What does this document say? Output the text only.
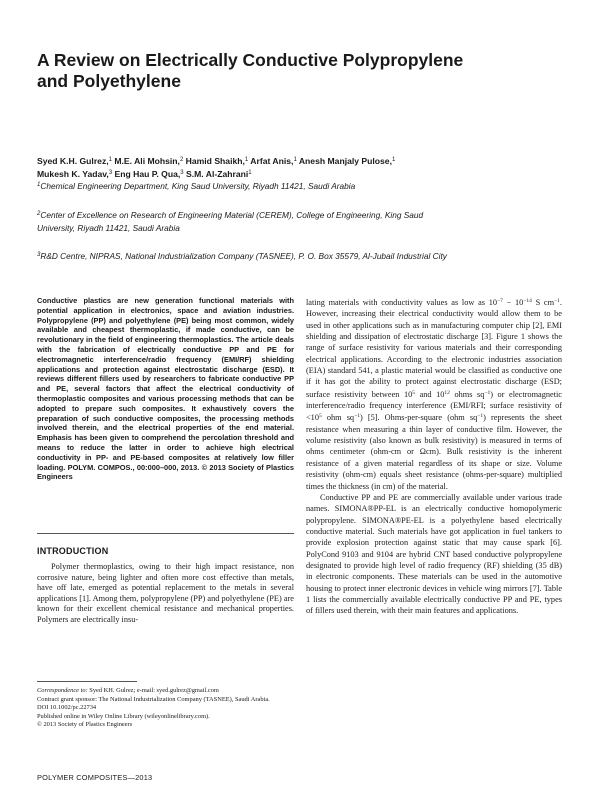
A Review on Electrically Conductive Polypropylene
and Polyethylene
Syed K.H. Gulrez,$^1$ M.E. Ali Mohsin,$^2$ Hamid Shaikh,$^1$ Arfat Anis,$^1$ Anesh Manjaly Pulose,$^1$
Mukesh K. Yadav,$^3$ Eng Hau P. Qua,$^3$ S.M. Al-Zahrani$^1$
$^1$Chemical Engineering Department, King Saud University, Riyadh 11421, Saudi Arabia
$^2$Center of Excellence on Research of Engineering Material (CEREM), College of Engineering, King Saud
University, Riyadh 11421, Saudi Arabia
$^3$R&D Centre, NIPRAS, National Industrialization Company (TASNEE), P. O. Box 35579, Al-Jubail Industrial City
Conductive plastics are new generation functional materials with potential application in electronics, space and aviation industries. Polypropylene (PP) and polyethylene (PE) being most common, widely available and cheapest thermoplastic, if made conductive, can be revolutionary in the field of engineering thermoplastics. The article deals with the fabrication of electrically conductive PP and PE for electromagnetic interference/radio frequency (EMI/RF) shielding applications and protection against electrostatic discharge (ESD). It reviews different fillers used by researchers to fabricate conductive PP and PE, several factors that affect the electrical conductivity of thermoplastic composites and various processing methods that can be adopted to prepare such composites. It exhaustively covers the preparation of such conductive composites, the processing methods involved therein, and the electrical properties of the end material. Emphasis has been given to comprehend the percolation threshold and means to reduce the latter in order to achieve high electrical conductivity in PP- and PE-based composites at relatively low filler loading. POLYM. COMPOS., 00:000–000, 2013. © 2013 Society of Plastics Engineers
INTRODUCTION

Polymer thermoplastics, owing to their high impact resistance, non corrosive nature, being lighter and often more cost effective than metals, have off late, emerged as potential replacement to the metals in several applications [1]. Among them, polypropylene (PP) and polyethylene (PE) are known for their excellent chemical resistance and mechanical properties. Polymers are electrically insu-

Correspondence to: Syed KH. Gulrez; e-mail: syed.gulrez@gmail.com
Contract grant sponsor: The National Industrialization Company (TASNEE), Saudi Arabia.
DOI 10.1002/pc.22734
Published online in Wiley Online Library (wileyonlinelibrary.com).
© 2013 Society of Plastics Engineers

lating materials with conductivity values as low as $10^{-7} - 10^{-14}$ S $cm^{-1}$. However, increasing their electrical conductivity would allow them to be used in other applications such as in manufacturing computer chip [2], EMI shielding and dissipation of electrostatic discharge [3]. Figure 1 shows the range of surface resistivity for various materials and their corresponding electrical applications. According to the electronic industries association (EIA) standard 541, a plastic material would be classified as conductive one if it has got the ability to protect against electrostatic discharge (ESD; surface resistivity between $10^5$ and $10^{12}$ ohms $sq^{-1}$) or electromagnetic interference/radio frequency interference (EMI/RFI; surface resistivity of $<10^5$ ohm $sq^{-1}$) [5]. Ohms-per-square (ohm $sq^{-1}$) represents the sheet resistance when measuring a thin layer of conductive film. However, the volume resistivity (also known as bulk resistivity) is measured in terms of ohms centimeter (ohm-cm or Ωcm). Bulk resistivity is the inherent resistance of a given material regardless of its shape or size. Volume resistivity (ohm-cm) equals sheet resistance (ohms-per-square) multiplied times the thickness (in cm) of the material.

Conductive PP and PE are commercially available under various trade names. SIMONA®PP-EL is an electrically conductive homopolymeric polypropylene. SIMONA®PE-EL is a polyethylene based electrically conductive material. Such materials have got application in fuel tankers to provide explosion protection against static that may cause spark [6]. PolyCond 9103 and 9104 are hybrid CNT based conductive polypropylene designated to provide high level of radio frequency (RF) shielding (35 dB) in electronic components. These materials can be used in the automotive housing to protect inner electronic devices in vehicle wing mirrors [7]. Table 1 lists the commercially available electrically conductive PP and PE, types of fillers used therein, with their main features and applications.

POLYMER COMPOSITES—2013
